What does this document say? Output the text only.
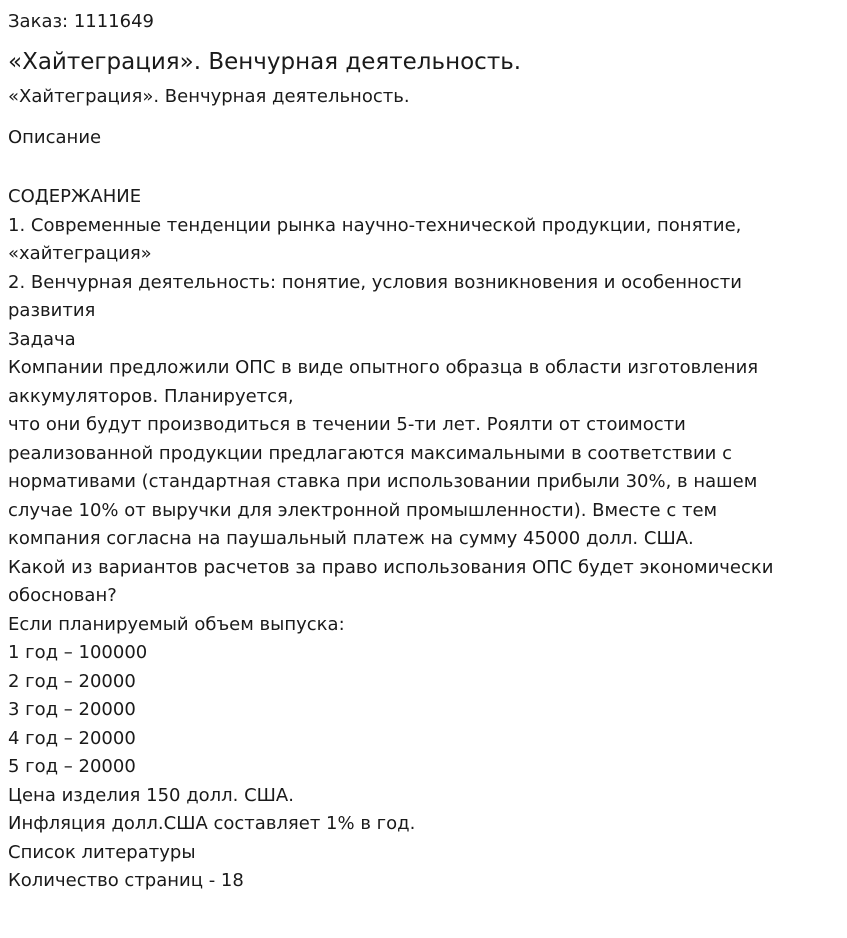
Заказ: 1111649
«Хайтеграция». Венчурная деятельность.
«Хайтеграция». Венчурная деятельность.
Описание
СОДЕРЖАНИЕ
1. Современные тенденции рынка научно-технической продукции, понятие,
«хайтеграция»
2. Венчурная деятельность: понятие, условия возникновения и особенности
развития
Задача
Компании предложили ОПС в виде опытного образца в области изготовления
аккумуляторов. Планируется,
что они будут производиться в течении 5-ти лет. Роялти от стоимости
реализованной продукции предлагаются максимальными в соответствии с
нормативами (стандартная ставка при использовании прибыли 30%, в нашем
случае 10% от выручки для электронной промышленности). Вместе с тем
компания согласна на паушальный платеж на сумму 45000 долл. США.
Какой из вариантов расчетов за право использования ОПС будет экономически
обоснован?
Если планируемый объем выпуска:
1 год – 100000
2 год – 20000
3 год – 20000
4 год – 20000
5 год – 20000
Цена изделия 150 долл. США.
Инфляция долл.США составляет 1% в год.
Список литературы
Количество страниц - 18
